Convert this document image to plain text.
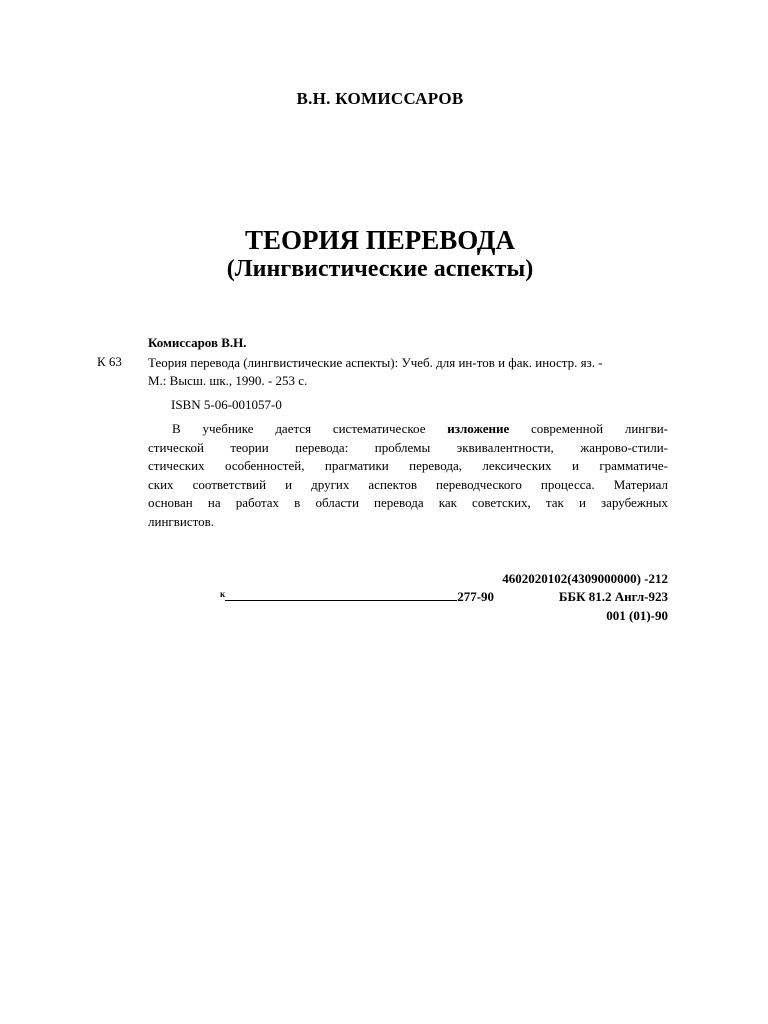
В.Н. КОМИССАРОВ
ТЕОРИЯ ПЕРЕВОДА
(Лингвистические аспекты)
Комиссаров В.Н.
К 63 Теория перевода (лингвистические аспекты): Учеб. для ин-тов и фак. иностр. яз. -
М.: Высш. шк., 1990. - 253 с.
ISBN 5-06-001057-0
В учебнике дается систематическое изложение современной лингви-
стической теории перевода: проблемы эквивалентности, жанрово-стили-
стических особенностей, прагматики перевода, лексических и грамматиче-
ских соответствий и других аспектов переводческого процесса. Материал
основан на работах в области перевода как советских, так и зарубежных
лингвистов.
4602020102(4309000000) -212
к	277-90	ББК 81.2 Англ-923
001 (01)-90
